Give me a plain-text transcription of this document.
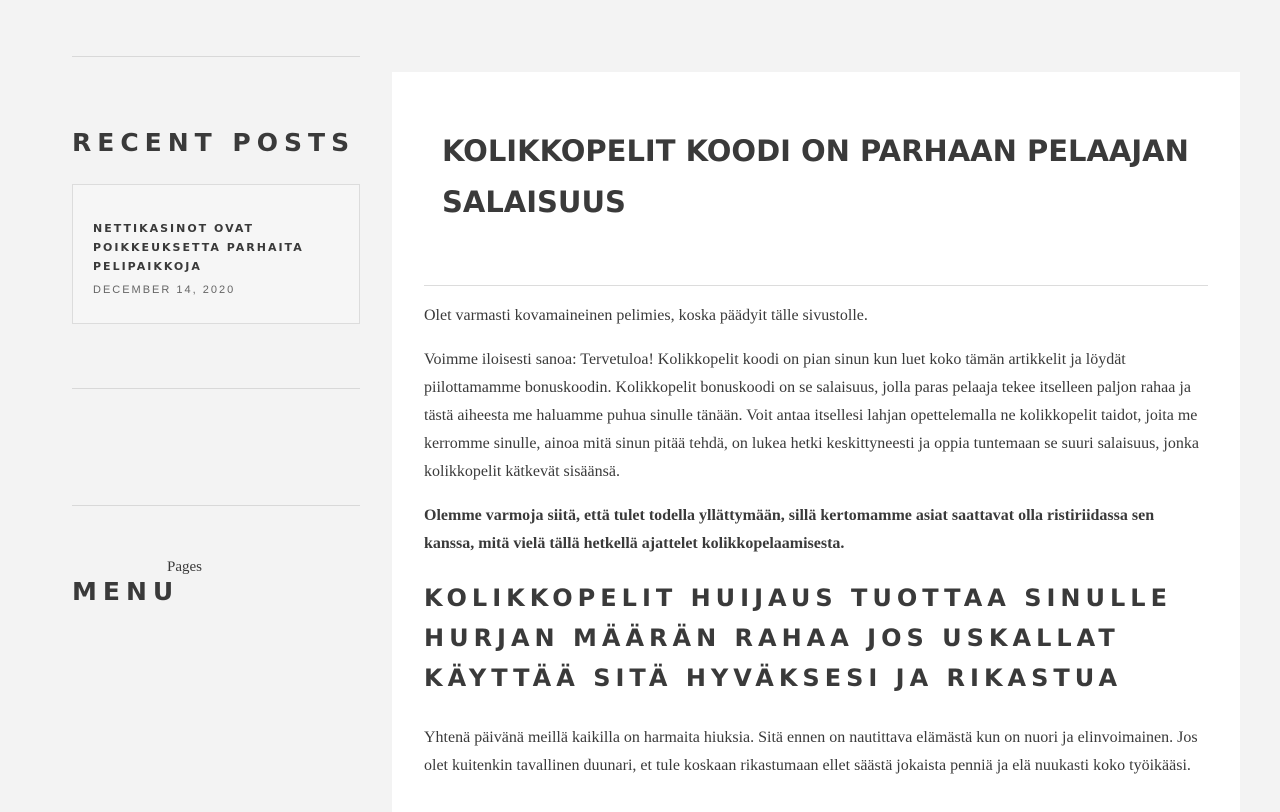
RECENT POSTS
NETTIKASINOT OVAT POIKKEUKSETTA PARHAITA PELIPAIKKOJA
DECEMBER 14, 2020
MENU
Pages
KOLIKKOPELIT KOODI ON PARHAAN PELAAJAN SALAISUUS

Olet varmasti kovamaineinen pelimies, koska päädyit tälle sivustolle.

Voimme iloisesti sanoa: Tervetuloa! Kolikkopelit koodi on pian sinun kun luet koko tämän artikkelit ja löydät piilottamamme bonuskoodin. Kolikkopelit bonuskoodi on se salaisuus, jolla paras pelaaja tekee itselleen paljon rahaa ja tästä aiheesta me haluamme puhua sinulle tänään. Voit antaa itsellesi lahjan opettelemalla ne kolikkopelit taidot, joita me kerromme sinulle, ainoa mitä sinun pitää tehdä, on lukea hetki keskittyneesti ja oppia tuntemaan se suuri salaisuus, jonka kolikkopelit kätkevät sisäänsä.

Olemme varmoja siitä, että tulet todella yllättymään, sillä kertomamme asiat saattavat olla ristiriidassa sen kanssa, mitä vielä tällä hetkellä ajattelet kolikkopelaamisesta.

KOLIKKOPELIT HUIJAUS TUOTTAA SINULLE HURJAN MÄÄRÄN RAHAA JOS USKALLAT KÄYTTÄÄ SITÄ HYVÄKSESI JA RIKASTUA

Yhtenä päivänä meillä kaikilla on harmaita hiuksia. Sitä ennen on nautittava elämästä kun on nuori ja elinvoimainen. Jos olet kuitenkin tavallinen duunari, et tule koskaan rikastumaan ellet säästä jokaista penniä ja elä nuukasti koko työikääsi.
